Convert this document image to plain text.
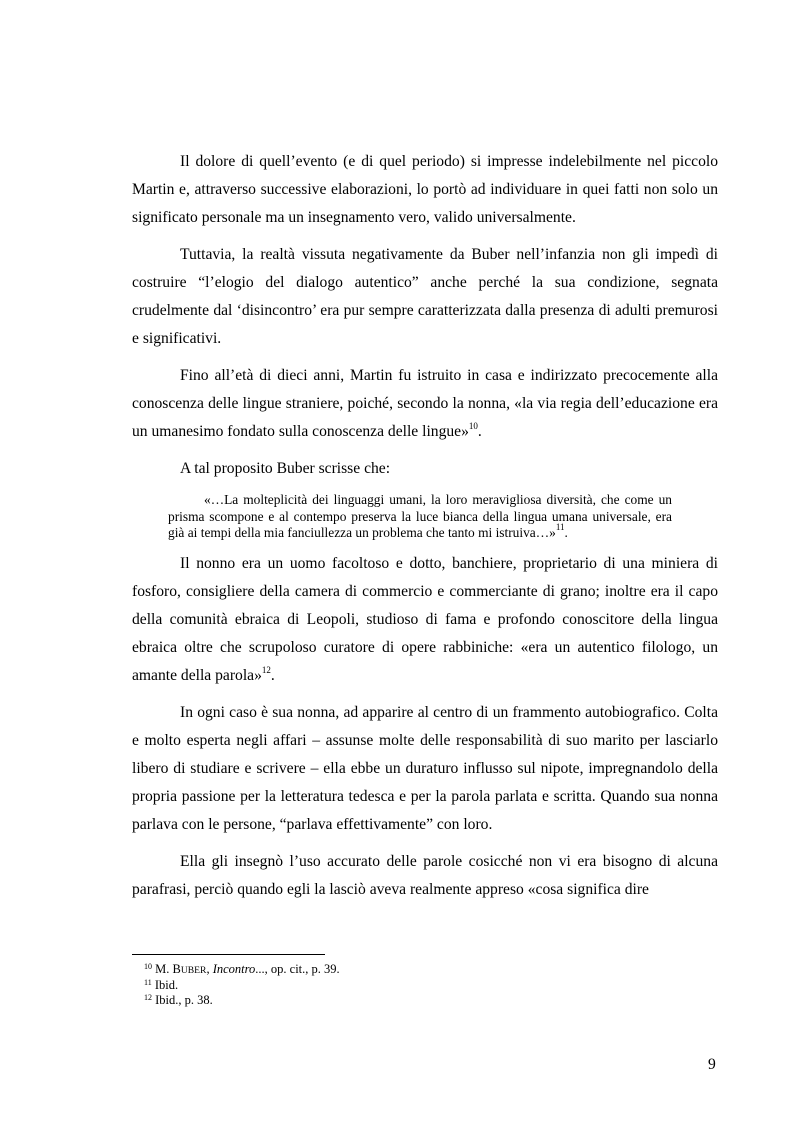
Il dolore di quell’evento (e di quel periodo) si impresse indelebilmente nel piccolo Martin e, attraverso successive elaborazioni, lo portò ad individuare in quei fatti non solo un significato personale ma un insegnamento vero, valido universalmente.

Tuttavia, la realtà vissuta negativamente da Buber nell’infanzia non gli impedì di costruire “l’elogio del dialogo autentico” anche perché la sua condizione, segnata crudelmente dal ‘disincontro’ era pur sempre caratterizzata dalla presenza di adulti premurosi e significativi.

Fino all’età di dieci anni, Martin fu istruito in casa e indirizzato precocemente alla conoscenza delle lingue straniere, poiché, secondo la nonna, «la via regia dell’educazione era un umanesimo fondato sulla conoscenza delle lingue»$^{10}$.

A tal proposito Buber scrisse che:

«…La molteplicità dei linguaggi umani, la loro meravigliosa diversità, che come un prisma scompone e al contempo preserva la luce bianca della lingua umana universale, era già ai tempi della mia fanciullezza un problema che tanto mi istruiva…»$^{11}$.

Il nonno era un uomo facoltoso e dotto, banchiere, proprietario di una miniera di fosforo, consigliere della camera di commercio e commerciante di grano; inoltre era il capo della comunità ebraica di Leopoli, studioso di fama e profondo conoscitore della lingua ebraica oltre che scrupoloso curatore di opere rabbiniche: «era un autentico filologo, un amante della parola»$^{12}$.

In ogni caso è sua nonna, ad apparire al centro di un frammento autobiografico. Colta e molto esperta negli affari – assunse molte delle responsabilità di suo marito per lasciarlo libero di studiare e scrivere – ella ebbe un duraturo influsso sul nipote, impregnandolo della propria passione per la letteratura tedesca e per la parola parlata e scritta. Quando sua nonna parlava con le persone, “parlava effettivamente” con loro.

Ella gli insegnò l’uso accurato delle parole cosicché non vi era bisogno di alcuna parafrasi, perciò quando egli la lasciò aveva realmente appreso «cosa significa dire

$^{10}$ M. BUBER, Incontro..., op. cit., p. 39.
$^{11}$ Ibid.
$^{12}$ Ibid., p. 38.
9
